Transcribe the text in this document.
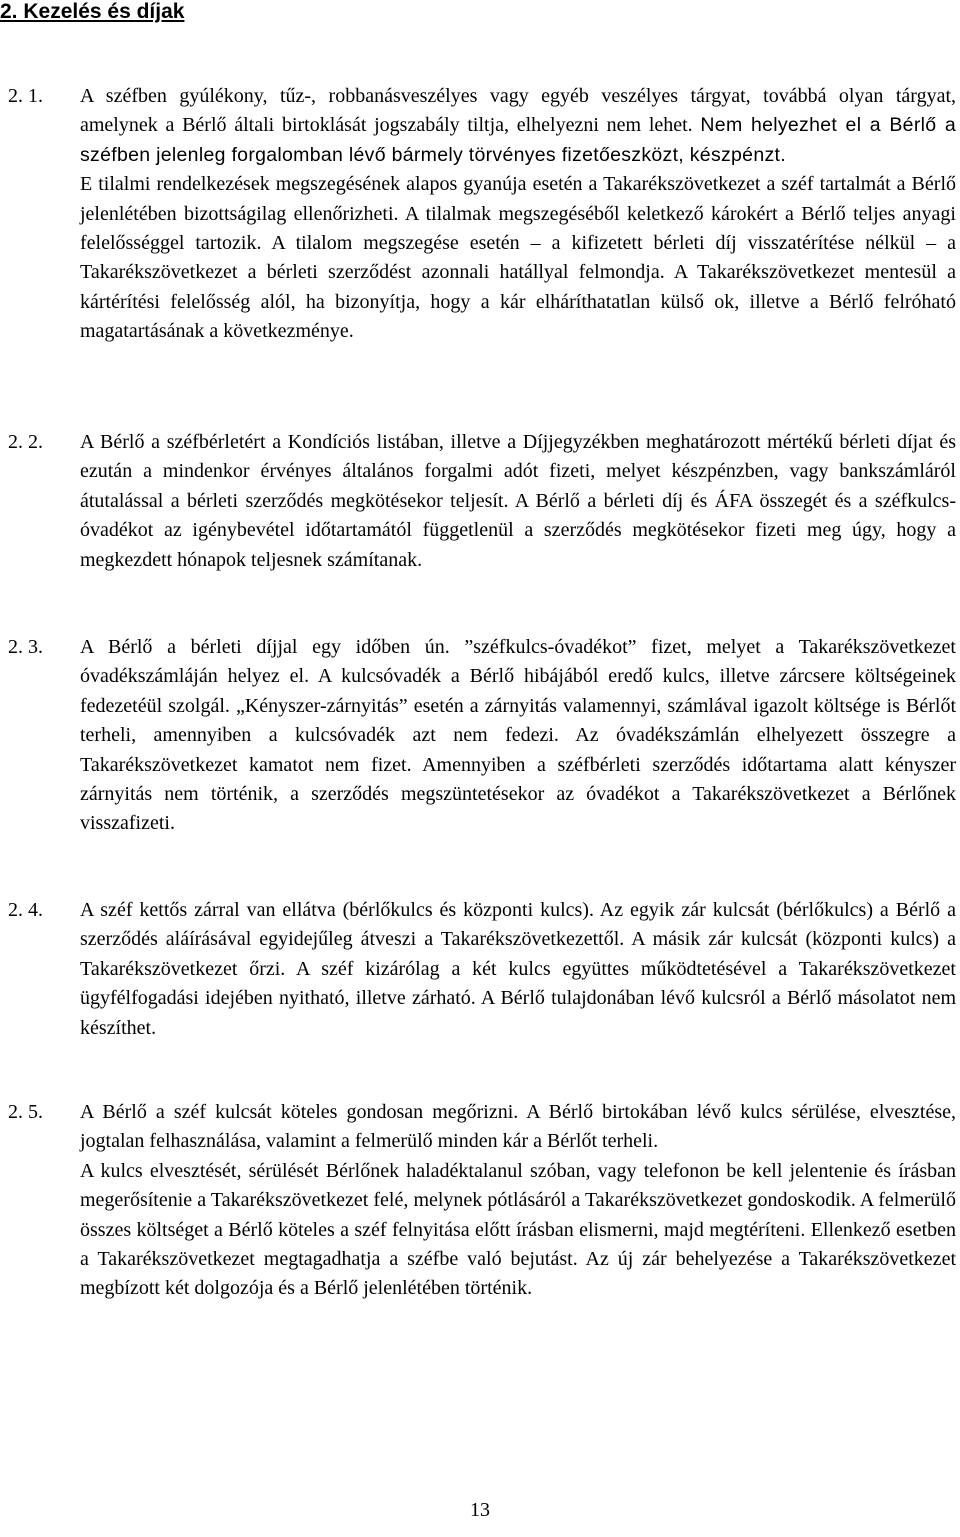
2. Kezelés és díjak
2. 1. A széfben gyúlékony, tűz-, robbanásveszélyes vagy egyéb veszélyes tárgyat, továbbá olyan tárgyat, amelynek a Bérlő általi birtoklását jogszabály tiltja, elhelyezni nem lehet. Nem helyezhet el a Bérlő a széfben jelenleg forgalomban lévő bármely törvényes fizetőeszközt, készpénzt.

E tilalmi rendelkezések megszegésének alapos gyanúja esetén a Takarékszövetkezet a széf tartalmát a Bérlő jelenlétében bizottságilag ellenőrizheti. A tilalmak megszegéséből keletkező károkért a Bérlő teljes anyagi felelősséggel tartozik. A tilalom megszegése esetén – a kifizetett bérleti díj visszatérítése nélkül – a Takarékszövetkezet a bérleti szerződést azonnali hatállyal felmondja. A Takarékszövetkezet mentesül a kártérítési felelősség alól, ha bizonyítja, hogy a kár elháríthatatlan külső ok, illetve a Bérlő felróható magatartásának a következménye.

2. 2. A Bérlő a széfbérletért a Kondíciós listában, illetve a Díjjegyzékben meghatározott mértékű bérleti díjat és ezután a mindenkor érvényes általános forgalmi adót fizeti, melyet készpénzben, vagy bankszámláról átutalással a bérleti szerződés megkötésekor teljesít. A Bérlő a bérleti díj és ÁFA összegét és a széfkulcs-óvadékot az igénybevétel időtartamától függetlenül a szerződés megkötésekor fizeti meg úgy, hogy a megkezdett hónapok teljesnek számítanak.

2. 3. A Bérlő a bérleti díjjal egy időben ún. ”széfkulcs-óvadékot” fizet, melyet a Takarékszövetkezet óvadékszámláján helyez el. A kulcsóvadék a Bérlő hibájából eredő kulcs, illetve zárcsere költségeinek fedezetéül szolgál. „Kényszer-zárnyitás” esetén a zárnyitás valamennyi, számlával igazolt költsége is Bérlőt terheli, amennyiben a kulcsóvadék azt nem fedezi. Az óvadékszámlán elhelyezett összegre a Takarékszövetkezet kamatot nem fizet. Amennyiben a széfbérleti szerződés időtartama alatt kényszer zárnyitás nem történik, a szerződés megszüntetésekor az óvadékot a Takarékszövetkezet a Bérlőnek visszafizeti.

2. 4. A széf kettős zárral van ellátva (bérlőkulcs és központi kulcs). Az egyik zár kulcsát (bérlőkulcs) a Bérlő a szerződés aláírásával egyidejűleg átveszi a Takarékszövetkezettől. A másik zár kulcsát (központi kulcs) a Takarékszövetkezet őrzi. A széf kizárólag a két kulcs együttes működtetésével a Takarékszövetkezet ügyfélfogadási idejében nyitható, illetve zárható. A Bérlő tulajdonában lévő kulcsról a Bérlő másolatot nem készíthet.

2. 5. A Bérlő a széf kulcsát köteles gondosan megőrizni. A Bérlő birtokában lévő kulcs sérülése, elvesztése, jogtalan felhasználása, valamint a felmerülő minden kár a Bérlőt terheli.

A kulcs elvesztését, sérülését Bérlőnek haladéktalanul szóban, vagy telefonon be kell jelentenie és írásban megerősítenie a Takarékszövetkezet felé, melynek pótlásáról a Takarékszövetkezet gondoskodik. A felmerülő összes költséget a Bérlő köteles a széf felnyitása előtt írásban elismerni, majd megtéríteni. Ellenkező esetben a Takarékszövetkezet megtagadhatja a széfbe való bejutást. Az új zár behelyezése a Takarékszövetkezet megbízott két dolgozója és a Bérlő jelenlétében történik.

13
